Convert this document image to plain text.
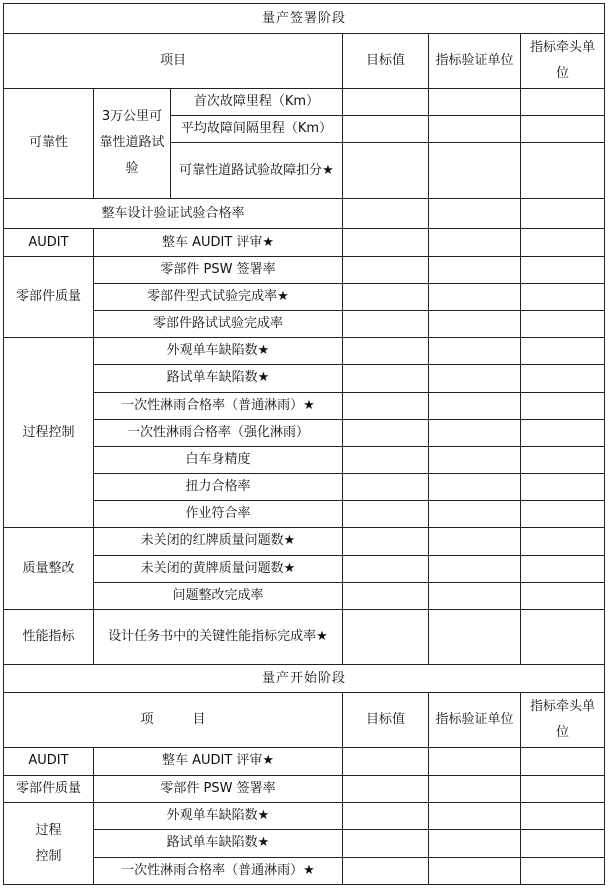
量产签署阶段					
项目			目标值	指标验证单位	指标牵头单位
可靠性	3万公里可靠性道路试验	首次故障里程（Km）			
		平均故障间隔里程（Km）			
		可靠性道路试验故障扣分★			
整车设计验证试验合格率					
AUDIT	整车 AUDIT 评审★				
零部件质量	零部件 PSW 签署率				
	零部件型式试验完成率★				
	零部件路试试验完成率				
过程控制	外观单车缺陷数★				
	路试单车缺陷数★				
	一次性淋雨合格率（普通淋雨）★				
	一次性淋雨合格率（强化淋雨）				
	白车身精度				
	扭力合格率				
	作业符合率				
质量整改	未关闭的红牌质量问题数★				
	未关闭的黄牌质量问题数★				
	问题整改完成率				
性能指标	设计任务书中的关键性能指标完成率★				
量产开始阶段					
项　　　目			目标值	指标验证单位	指标牵头单位
AUDIT	整车 AUDIT 评审★				
零部件质量	零部件 PSW 签署率				
过程控制	外观单车缺陷数★				
	路试单车缺陷数★				
	一次性淋雨合格率（普通淋雨）★				
